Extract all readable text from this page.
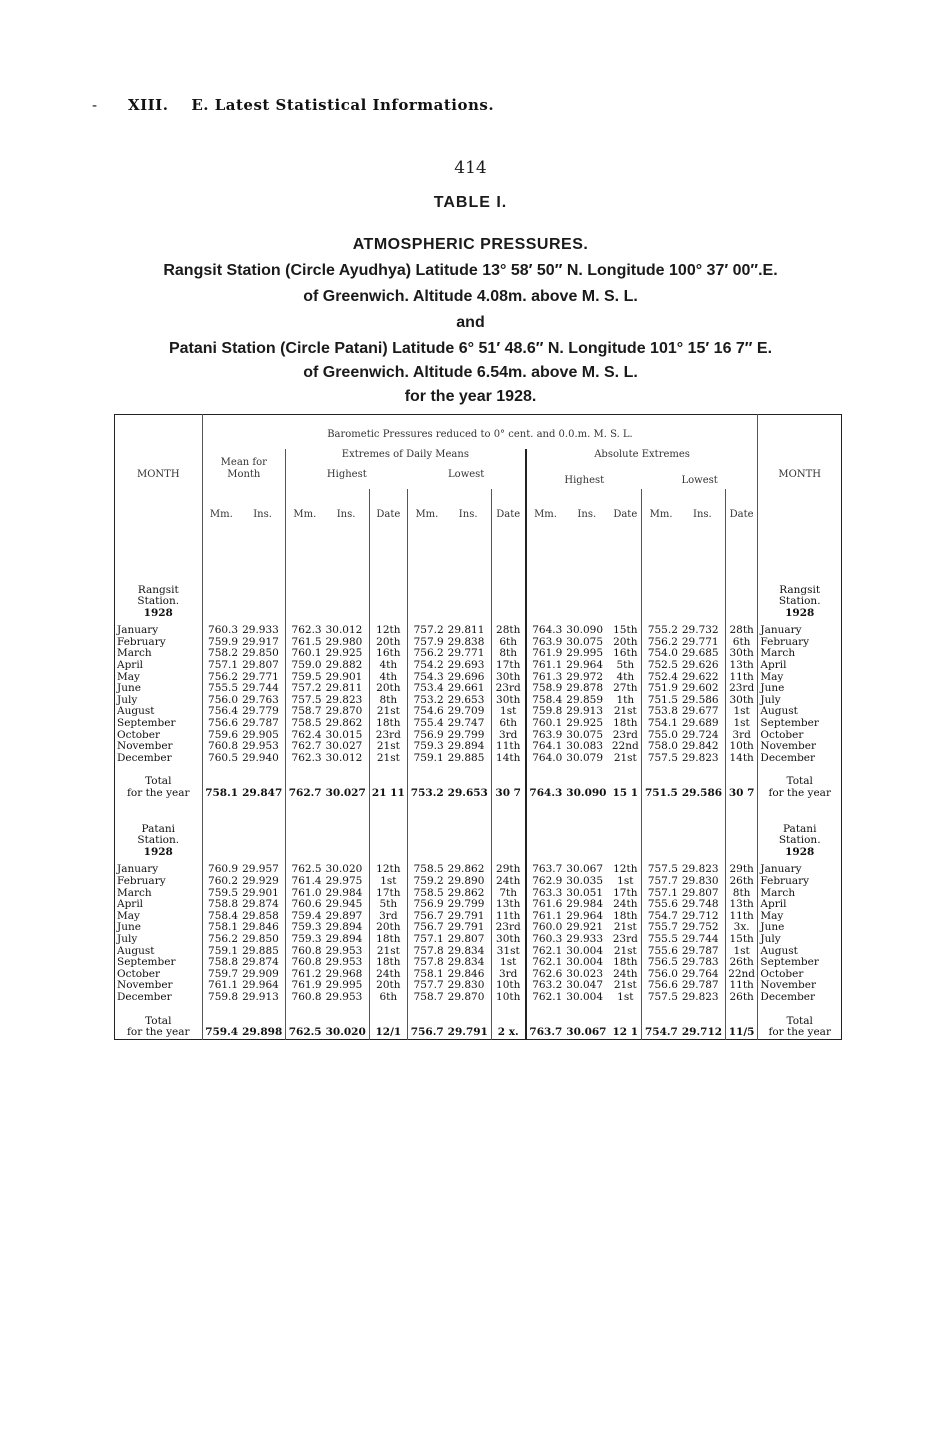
- XIII. E. Latest Statistical Informations.
414
TABLE I.
ATMOSPHERIC PRESSURES.
Rangsit Station (Circle Ayudhya) Latitude 13° 58′ 50″ N. Longitude 100° 37′ 00″.E.
of Greenwich. Altitude 4.08m. above M. S. L.
and
Patani Station (Circle Patani) Latitude 6° 51′ 48.6″ N. Longitude 101° 15′ 16 7″ E.
of Greenwich. Altitude 6.54m. above M. S. L.
for the year 1928.
	Barometic Pressures reduced to 0° cent. and 0.0.m. M. S. L.														
	Mean for		Extremes of Daily Means						Absolute Extremes						
MONTH	Month		Highest			Lowest			Highest			Lowest			MONTH
	Mm.	Ins.	Mm.	Ins.	Date	Mm.	Ins.	Date	Mm.	Ins.	Date	Mm.	Ins.	Date	

Rangsit															Rangsit
Station.															Station.
1928															1928
January	760.3	29.933	762.3	30.012	12th	757.2	29.811	28th	764.3	30.090	15th	755.2	29.732	28th	January
February	759.9	29.917	761.5	29.980	20th	757.9	29.838	6th	763.9	30.075	20th	756.2	29.771	6th	February
March	758.2	29.850	760.1	29.925	16th	756.2	29.771	8th	761.9	29.995	16th	754.0	29.685	30th	March
April	757.1	29.807	759.0	29.882	4th	754.2	29.693	17th	761.1	29.964	5th	752.5	29.626	13th	April
May	756.2	29.771	759.5	29.901	4th	754.3	29.696	30th	761.3	29.972	4th	752.4	29.622	11th	May
June	755.5	29.744	757.2	29.811	20th	753.4	29.661	23rd	758.9	29.878	27th	751.9	29.602	23rd	June
July	756.0	29.763	757.5	29.823	8th	753.2	29.653	30th	758.4	29.859	1th	751.5	29.586	30th	July
August	756.4	29.779	758.7	29.870	21st	754.6	29.709	1st	759.8	29.913	21st	753.8	29.677	1st	August
September	756.6	29.787	758.5	29.862	18th	755.4	29.747	6th	760.1	29.925	18th	754.1	29.689	1st	September
October	759.6	29.905	762.4	30.015	23rd	756.9	29.799	3rd	763.9	30.075	23rd	755.0	29.724	3rd	October
November	760.8	29.953	762.7	30.027	21st	759.3	29.894	11th	764.1	30.083	22nd	758.0	29.842	10th	November
December	760.5	29.940	762.3	30.012	21st	759.1	29.885	14th	764.0	30.079	21st	757.5	29.823	14th	December

Total															Total
for the year	758.1	29.847	762.7	30.027	21 11	753.2	29.653	30 7	764.3	30.090	15 1	751.5	29.586	30 7	for the year

Patani															Patani
Station.															Station.
1928															1928
January	760.9	29.957	762.5	30.020	12th	758.5	29.862	29th	763.7	30.067	12th	757.5	29.823	29th	January
February	760.2	29.929	761.4	29.975	1st	759.2	29.890	24th	762.9	30.035	1st	757.7	29.830	26th	February
March	759.5	29.901	761.0	29.984	17th	758.5	29.862	7th	763.3	30.051	17th	757.1	29.807	8th	March
April	758.8	29.874	760.6	29.945	5th	756.9	29.799	13th	761.6	29.984	24th	755.6	29.748	13th	April
May	758.4	29.858	759.4	29.897	3rd	756.7	29.791	11th	761.1	29.964	18th	754.7	29.712	11th	May
June	758.1	29.846	759.3	29.894	20th	756.7	29.791	23rd	760.0	29.921	21st	755.7	29.752	3x.	June
July	756.2	29.850	759.3	29.894	18th	757.1	29.807	30th	760.3	29.933	23rd	755.5	29.744	15th	July
August	759.1	29.885	760.8	29.953	21st	757.8	29.834	31st	762.1	30.004	21st	755.6	29.787	1st	August
September	758.8	29.874	760.8	29.953	18th	757.8	29.834	1st	762.1	30.004	18th	756.5	29.783	26th	September
October	759.7	29.909	761.2	29.968	24th	758.1	29.846	3rd	762.6	30.023	24th	756.0	29.764	22nd	October
November	761.1	29.964	761.9	29.995	20th	757.7	29.830	10th	763.2	30.047	21st	756.6	29.787	11th	November
December	759.8	29.913	760.8	29.953	6th	758.7	29.870	10th	762.1	30.004	1st	757.5	29.823	26th	December

Total															Total
for the year	759.4	29.898	762.5	30.020	12/1	756.7	29.791	2 x.	763.7	30.067	12 1	754.7	29.712	11/5	for the year
